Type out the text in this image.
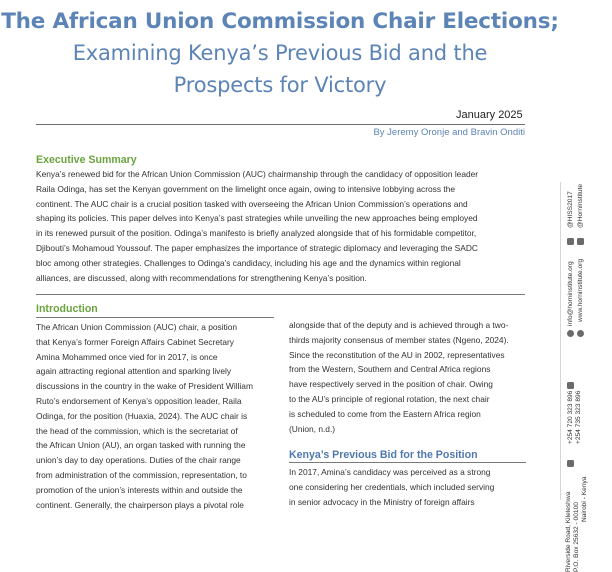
The African Union Commission Chair Elections;
Examining Kenya’s Previous Bid and the
Prospects for Victory
January 2025
By Jeremy Oronje and Bravin Onditi
Executive Summary
Kenya’s renewed bid for the African Union Commission (AUC) chairmanship through the candidacy of opposition leader
Raila Odinga, has set the Kenyan government on the limelight once again, owing to intensive lobbying across the
continent. The AUC chair is a crucial position tasked with overseeing the African Union Commission’s operations and
shaping its policies. This paper delves into Kenya’s past strategies while unveiling the new approaches being employed
in its renewed pursuit of the position. Odinga’s manifesto is briefly analyzed alongside that of his formidable competitor,
Djibouti’s Mohamoud Youssouf. The paper emphasizes the importance of strategic diplomacy and leveraging the SADC
bloc among other strategies. Challenges to Odinga’s candidacy, including his age and the dynamics within regional
alliances, are discussed, along with recommendations for strengthening Kenya’s position.
Introduction
The African Union Commission (AUC) chair, a position
that Kenya’s former Foreign Affairs Cabinet Secretary
Amina Mohammed once vied for in 2017, is once
again attracting regional attention and sparking lively
discussions in the country in the wake of President William
Ruto’s endorsement of Kenya’s opposition leader, Raila
Odinga, for the position (Huaxia, 2024). The AUC chair is
the head of the commission, which is the secretariat of
the African Union (AU), an organ tasked with running the
union’s day to day operations. Duties of the chair range
from administration of the commission, representation, to
promotion of the union’s interests within and outside the
continent. Generally, the chairperson plays a pivotal role
alongside that of the deputy and is achieved through a two-
thirds majority consensus of member states (Ngeno, 2024).
Since the reconstitution of the AU in 2002, representatives
from the Western, Southern and Central Africa regions
have respectively served in the position of chair. Owing
to the AU’s principle of regional rotation, the next chair
is scheduled to come from the Eastern Africa region
(Union, n.d.)
Kenya’s Previous Bid for the Position
In 2017, Amina’s candidacy was perceived as a strong
one considering her credentials, which included serving
in senior advocacy in the Ministry of foreign affairs	Riverside Road, Kileleshwa P.O. Box 25632 - 00100
Nairobi - Kenya
+254 720 323 896 +254 735 323 896
info@horninstitute.org www.horninstitute.org
@HISS2017 @HornInstitute
